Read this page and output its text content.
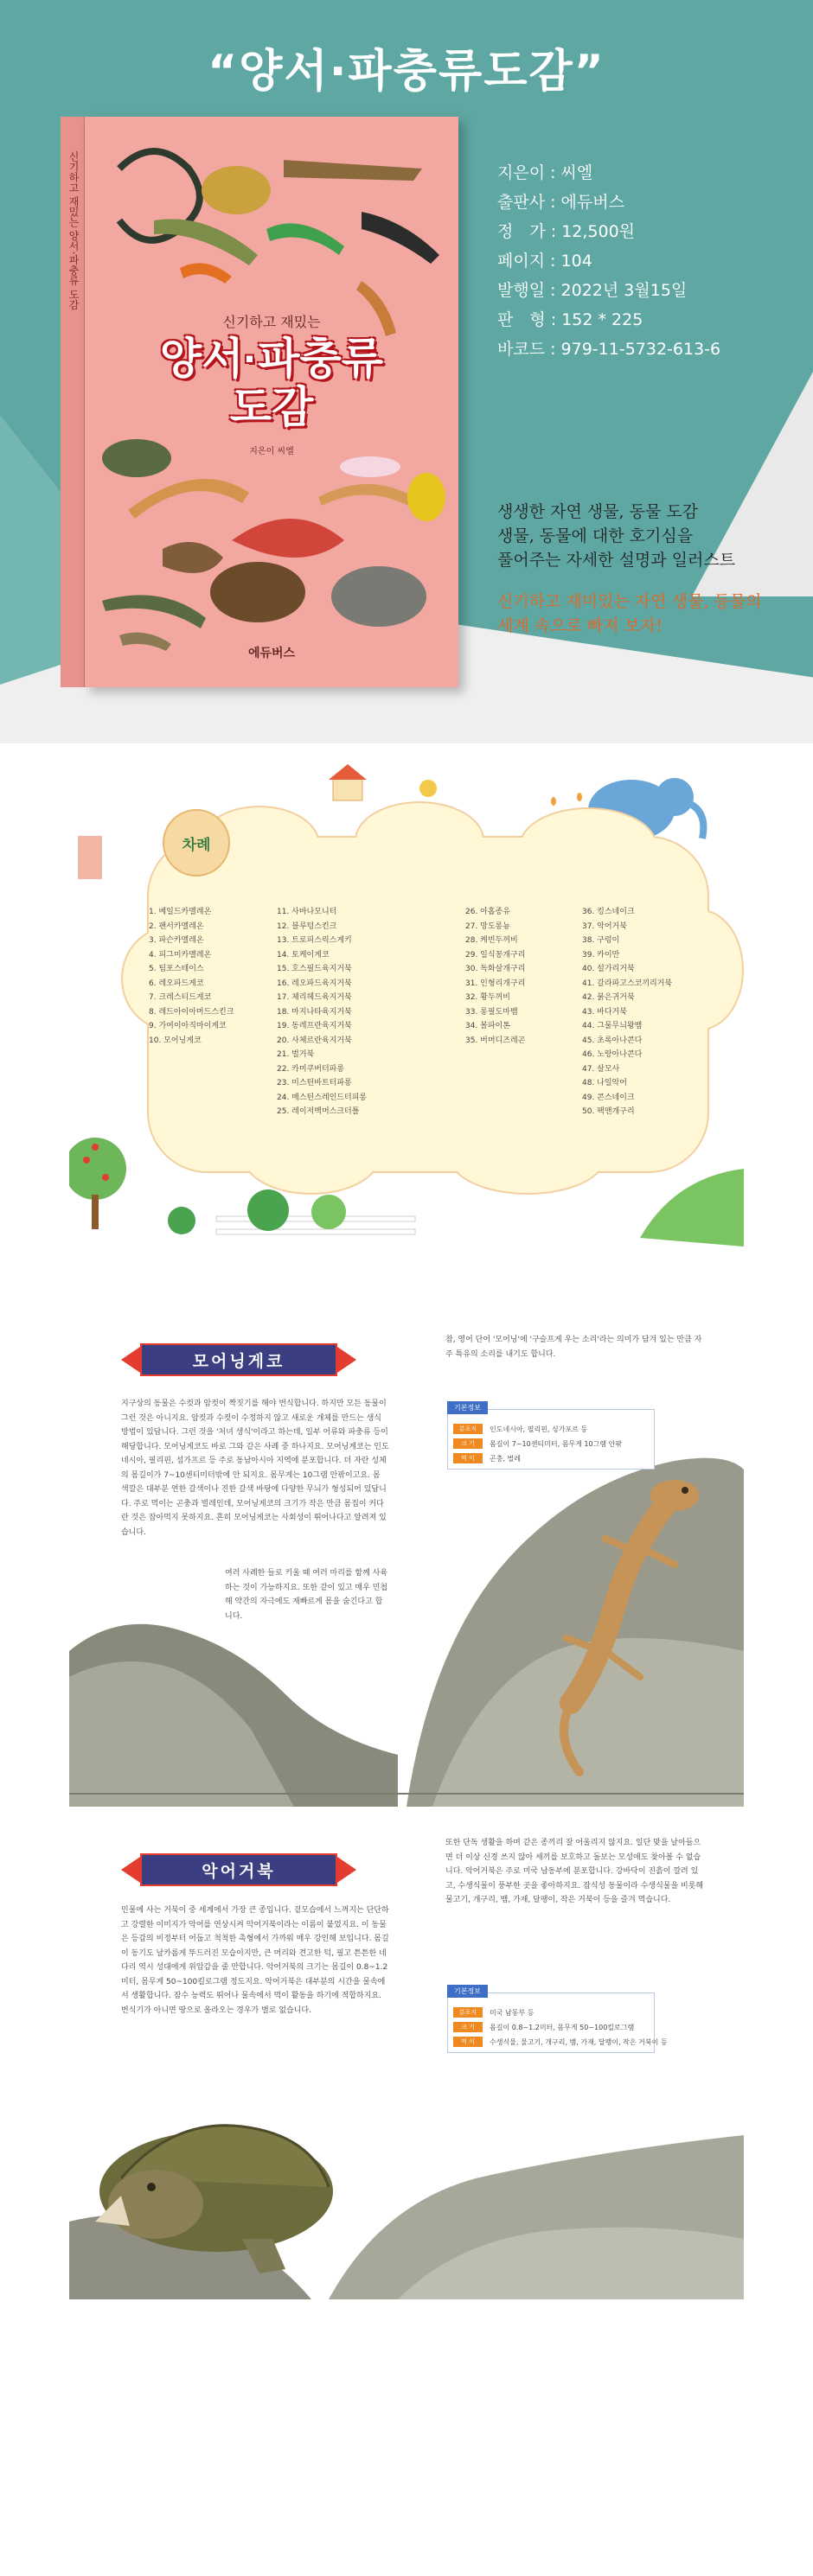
“양서·파충류도감”
신기하고 재밌는 양서·파충류 도감
신기하고 재밌는
양서·파충류
도감
지은이 씨엘
에듀버스
지은이 : 씨엘
출판사 : 에듀버스
정　가 : 12,500원
페이지 : 104
발행일 : 2022년 3월15일
판　형 : 152 * 225
바코드 : 979-11-5732-613-6

생생한 자연 생물, 동물 도감

생물, 동물에 대한 호기심을

풀어주는 자세한 설명과 일러스트

신기하고 재미있는 자연 생물, 동물의

세계 속으로 빠져 보자!

차례
1. 베일드카멜레온
2. 팬서카멜레온
3. 파슨카멜레온
4. 피그미카멜레온
5. 팀포스테이스
6. 레오파드게코
7. 크레스티드게코
8. 레드아이아머드스킨크
9. 가여이아직마이게코
10. 모어닝게코
11. 사바나모니터
12. 블루텅스킨크
13. 트로피스릭스게키
14. 토케이게코
15. 호스필드육지거북
16. 레오파드육지거북
17. 체리헤드육지거북
18. 마지나타육지거북
19. 동레프란육지거북
20. 사체르란육지거북
21. 벌거북
22. 카미쿠버터파롱
23. 미스틴바트터파롱
24. 매스틴스레인드터피롱
25. 레이저백머스크터틀
26. 아홉종유
27. 망도롱뇽
28. 케빈두꺼비
29. 일식꽁개구리
30. 독화살개구리
31. 인형리개구리
32. 황두꺼비
33. 롱필도마뱀
34. 볼파이톤
35. 버머디즈레곤
36. 킹스네이크
37. 악어거북
38. 구렁이
39. 카이만
40. 설가리거북
41. 갈라파고스코끼리거북
42. 붉은귀거북
43. 바다거북
44. 그물무늬왕뱀
45. 초록아나콘다
46. 노랑아나콘다
47. 살모사
48. 나일악어
49. 콘스네이크
50. 팩맨개구리
모어닝게코
지구상의 동물은 수컷과 암컷이 짝짓기를 해야 번식합니다. 하지만 모든 동물이 그런 것은 아니지요. 암컷과 수컷이 수정하지 않고 새로운 개체를 만드는 생식 방법이 있답니다. 그런 것을 '처녀 생식'이라고 하는데, 일부 어류와 파충류 등이 해당합니다. 모어닝게코도 바로 그와 같은 사례 중 하나지요. 모어닝게코는 인도네시아, 필리핀, 섬가프르 등 주로 동남아시아 지역에 분포합니다. 더 자란 성체의 몸길이가 7~10센티미터밖에 안 되지요. 몸무게는 10그램 안팎이고요. 몸 색깔은 대부분 연한 갈색이나 진한 갈색 바탕에 다양한 무늬가 형성되어 있답니다. 주로 먹이는 곤충과 벌레인데, 모어닝게코의 크기가 작은 만큼 몸집이 커다란 것은 잡아먹지 못하지요. 흔히 모어닝게코는 사회성이 뛰어나다고 알려져 있습니다.
여러 사례한 들로 키울 때 여러 마리를 함께 사육하는 것이 가능하지요. 또한 같이 있고 매우 민첩해 약간의 자극에도 재빠르게 몸을 숨긴다고 합니다.
참, 영어 단어 '모어닝'에 '구슬프게 우는 소리'라는 의미가 담겨 있는 만큼 자주 특유의 소리를 내기도 합니다.
기본정보
분포지	인도네시아, 필리핀, 싱가포르 등
크 기	몸길이 7~10센티미터, 몸무게 10그램 안팎
먹 이	곤충, 벌레
악어거북
민물에 사는 거북이 중 세계에서 가장 큰 종입니다. 겉모습에서 느껴지는 단단하고 강렬한 이미지가 악어를 연상시켜 악어거북이라는 이름이 붙었지요. 이 동물은 등갑의 비정부터 어둡고 척척한 촉형에서 가까워 매우 강인해 보입니다. 몸길이 동기도 날카롭게 뚜드러진 모습이지만, 큰 머리와 견고한 턱, 필고 튼튼한 네 다리 역시 성대에게 위압감을 줄 만합니다. 악어거북의 크기는 몸길이 0.8~1.2미터, 몸무게 50~100킬로그램 정도지요. 악어거북은 대부분의 시간을 물속에서 생활합니다. 잠수 능력도 뛰어나 물속에서 먹이 활동을 하기에 적합하지요. 번식기가 아니면 땅으로 올라오는 경우가 별로 없습니다.
또한 단독 생활을 하며 같은 종끼리 잘 어울리지 않지요. 일단 맞을 날아들으면 더 이상 신경 쓰지 않아 세끼를 보호하고 돌보는 모성애도 찾아볼 수 없습니다. 악어거북은 주로 미국 남동부에 분포합니다. 강바닥이 진흙이 깔려 있고, 수생식물이 풍부한 곳을 좋아하지요. 잡식성 동물이라 수생식물을 비롯해 물고기, 개구리, 뱀, 가재, 달팽이, 작은 거북이 등을 즐겨 먹습니다.
기본정보
분포지	미국 남동부 등
크 기	몸길이 0.8~1.2미터, 몸무게 50~100킬로그램
먹 이	수생식물, 물고기, 개구리, 뱀, 가재, 달팽이, 작은 거북이 등
